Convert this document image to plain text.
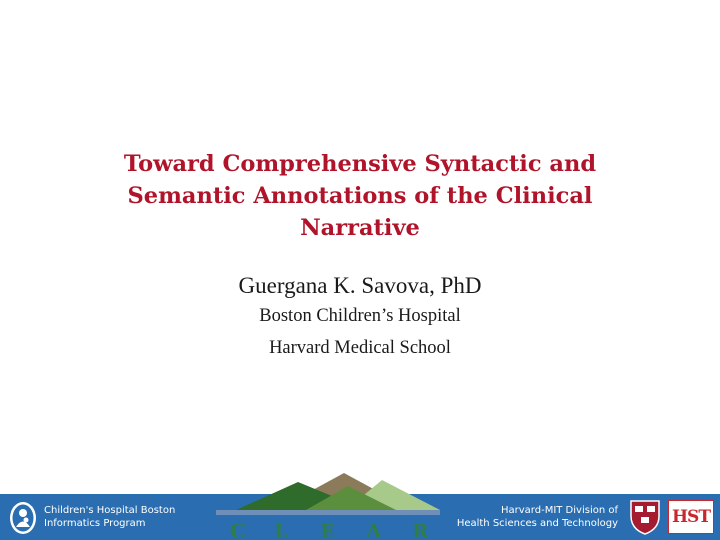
Toward Comprehensive Syntactic and
Semantic Annotations of the Clinical
Narrative
Guergana K. Savova, PhD
Boston Children’s Hospital
Harvard Medical School
Children's Hospital Boston
Informatics Program	C L E A R
Harvard-MIT Division of
Health Sciences and Technology	HST
